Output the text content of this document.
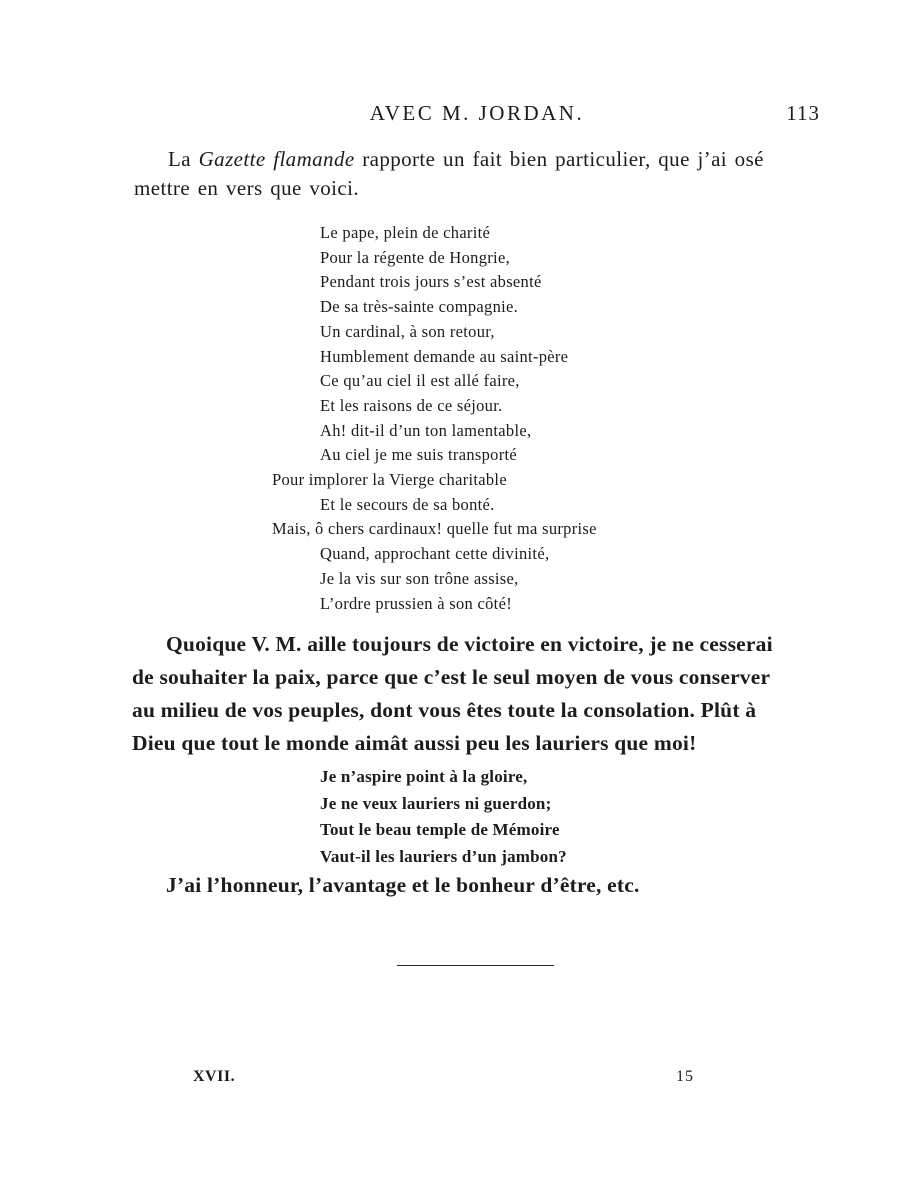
AVEC M. JORDAN.	113

La Gazette flamande rapporte un fait bien particulier, que j’ai osé
mettre en vers que voici.

Le pape, plein de charité
Pour la régente de Hongrie,
Pendant trois jours s’est absenté
De sa très-sainte compagnie.
Un cardinal, à son retour,
Humblement demande au saint-père
Ce qu’au ciel il est allé faire,
Et les raisons de ce séjour.
Ah! dit-il d’un ton lamentable,
Au ciel je me suis transporté
Pour implorer la Vierge charitable
Et le secours de sa bonté.
Mais, ô chers cardinaux! quelle fut ma surprise
Quand, approchant cette divinité,
Je la vis sur son trône assise,
L’ordre prussien à son côté!

Quoique V. M. aille toujours de victoire en victoire, je ne cesserai
de souhaiter la paix, parce que c’est le seul moyen de vous conserver
au milieu de vos peuples, dont vous êtes toute la consolation. Plût à
Dieu que tout le monde aimât aussi peu les lauriers que moi!

Je n’aspire point à la gloire,
Je ne veux lauriers ni guerdon;
Tout le beau temple de Mémoire
Vaut-il les lauriers d’un jambon?

J’ai l’honneur, l’avantage et le bonheur d’être, etc.

XVII.	15
